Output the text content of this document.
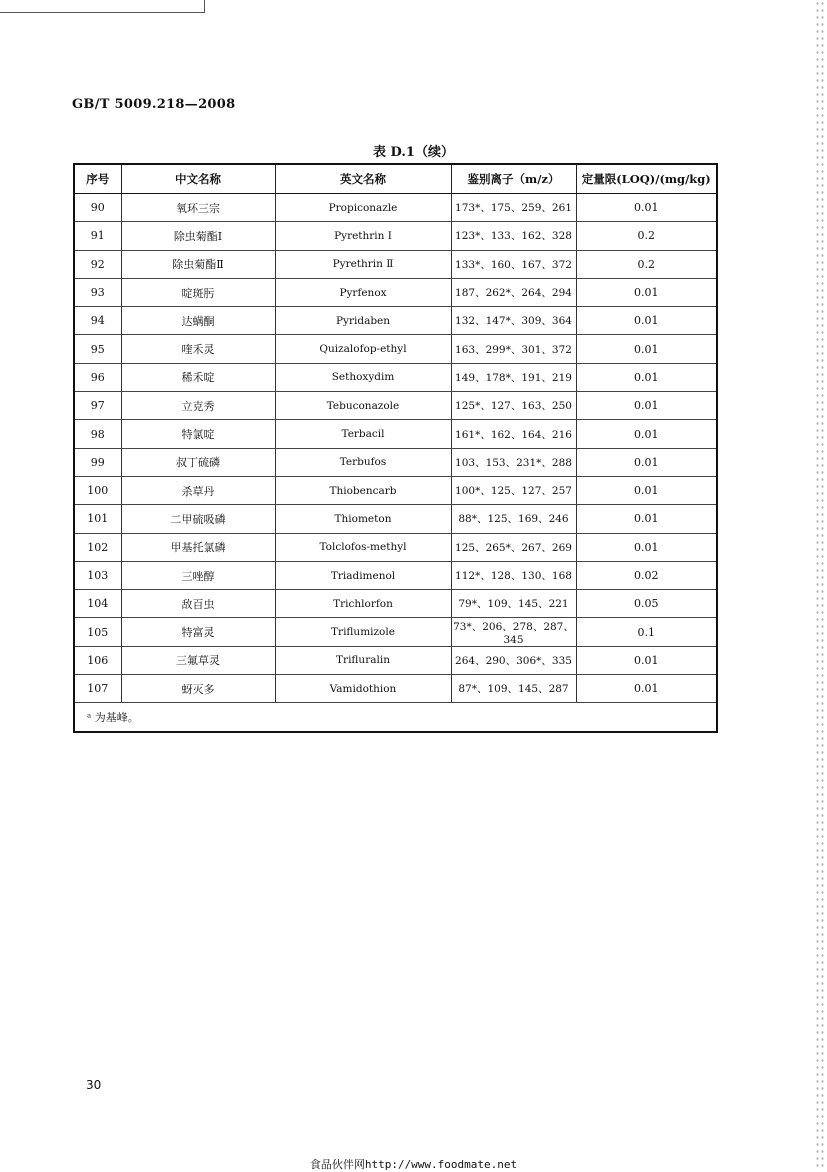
GB/T 5009.218—2008
表 D.1（续）
序号	中文名称	英文名称	鉴别离子（m/z）	定量限(LOQ)/(mg/kg)
90	氧环三宗	Propiconazle	173*、175、259、261	0.01
91	除虫菊酯Ⅰ	Pyrethrin Ⅰ	123*、133、162、328	0.2
92	除虫菊酯Ⅱ	Pyrethrin Ⅱ	133*、160、167、372	0.2
93	啶斑肟	Pyrfenox	187、262*、264、294	0.01
94	达螨酮	Pyridaben	132、147*、309、364	0.01
95	喹禾灵	Quizalofop-ethyl	163、299*、301、372	0.01
96	稀禾啶	Sethoxydim	149、178*、191、219	0.01
97	立克秀	Tebuconazole	125*、127、163、250	0.01
98	特氯啶	Terbacil	161*、162、164、216	0.01
99	叔丁硫磷	Terbufos	103、153、231*、288	0.01
100	杀草丹	Thiobencarb	100*、125、127、257	0.01
101	二甲硫吸磷	Thiometon	88*、125、169、246	0.01
102	甲基托氯磷	Tolclofos-methyl	125、265*、267、269	0.01
103	三唑醇	Triadimenol	112*、128、130、168	0.02
104	敌百虫	Trichlorfon	79*、109、145、221	0.05
105	特富灵	Triflumizole	73*、206、278、287、345	0.1
106	三氟草灵	Trifluralin	264、290、306*、335	0.01
107	蚜灭多	Vamidothion	87*、109、145、287	0.01
ᵃ 为基峰。				
30
食品伙伴网http://www.foodmate.net
